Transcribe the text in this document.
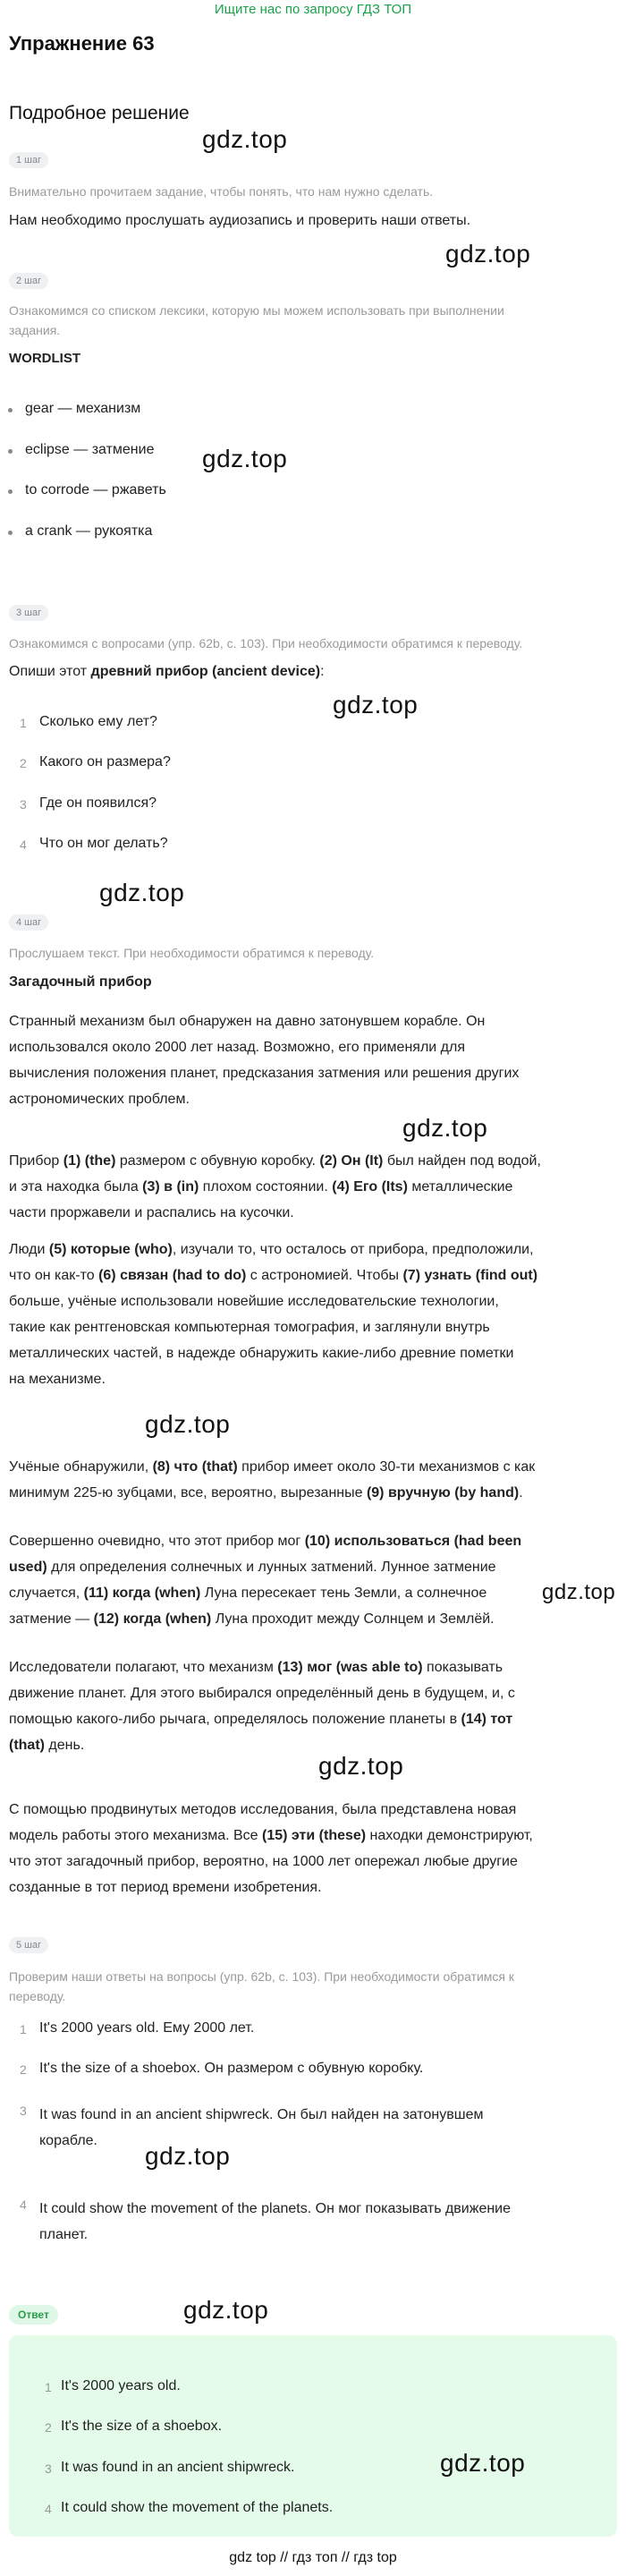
Ищите нас по запросу ГДЗ ТОП
Упражнение 63
Подробное решение
gdz.top
1 шаг
Внимательно прочитаем задание, чтобы понять, что нам нужно сделать.
Нам необходимо прослушать аудиозапись и проверить наши ответы.
gdz.top
2 шаг
Ознакомимся со списком лексики, которую мы можем использовать при выполнении
задания.
WORDLIST
gear — механизм
eclipse — затмение
to corrode — ржаветь
a crank — рукоятка
gdz.top
3 шаг
Ознакомимся с вопросами (упр. 62b, с. 103). При необходимости обратимся к переводу.
Опиши этот древний прибор (ancient device):
gdz.top
1 Сколько ему лет?
2 Какого он размера?
3 Где он появился?
4 Что он мог делать?
gdz.top
4 шаг
Прослушаем текст. При необходимости обратимся к переводу.
Загадочный прибор
Странный механизм был обнаружен на давно затонувшем корабле. Он
использовался около 2000 лет назад. Возможно, его применяли для
вычисления положения планет, предсказания затмения или решения других
астрономических проблем.
gdz.top
Прибор (1) (the) размером с обувную коробку. (2) Он (It) был найден под водой,
и эта находка была (3) в (in) плохом состоянии. (4) Его (Its) металлические
части проржавели и распались на кусочки.
Люди (5) которые (who), изучали то, что осталось от прибора, предположили,
что он как-то (6) связан (had to do) с астрономией. Чтобы (7) узнать (find out)
больше, учёные использовали новейшие исследовательские технологии,
такие как рентгеновская компьютерная томография, и заглянули внутрь
металлических частей, в надежде обнаружить какие-либо древние пометки
на механизме.
gdz.top
Учёные обнаружили, (8) что (that) прибор имеет около 30-ти механизмов с как
минимум 225-ю зубцами, все, вероятно, вырезанные (9) вручную (by hand).
Совершенно очевидно, что этот прибор мог (10) использоваться (had been
used) для определения солнечных и лунных затмений. Лунное затмение
случается, (11) когда (when) Луна пересекает тень Земли, а солнечное
затмение — (12) когда (when) Луна проходит между Солнцем и Землёй.
gdz.top
Исследователи полагают, что механизм (13) мог (was able to) показывать
движение планет. Для этого выбирался определённый день в будущем, и, с
помощью какого-либо рычага, определялось положение планеты в (14) тот
(that) день.
gdz.top
С помощью продвинутых методов исследования, была представлена новая
модель работы этого механизма. Все (15) эти (these) находки демонстрируют,
что этот загадочный прибор, вероятно, на 1000 лет опережал любые другие
созданные в тот период времени изобретения.
5 шаг
Проверим наши ответы на вопросы (упр. 62b, с. 103). При необходимости обратимся к
переводу.
1 It's 2000 years old. Ему 2000 лет.
2 It's the size of a shoebox. Он размером с обувную коробку.
3 It was found in an ancient shipwreck. Он был найден на затонувшем
корабле.
gdz.top
4 It could show the movement of the planets. Он мог показывать движение
планет.
Ответ	gdz.top
1 It's 2000 years old.
2 It's the size of a shoebox.
3 It was found in an ancient shipwreck.
4 It could show the movement of the planets.
gdz.top
gdz top // гдз топ // гдз top
